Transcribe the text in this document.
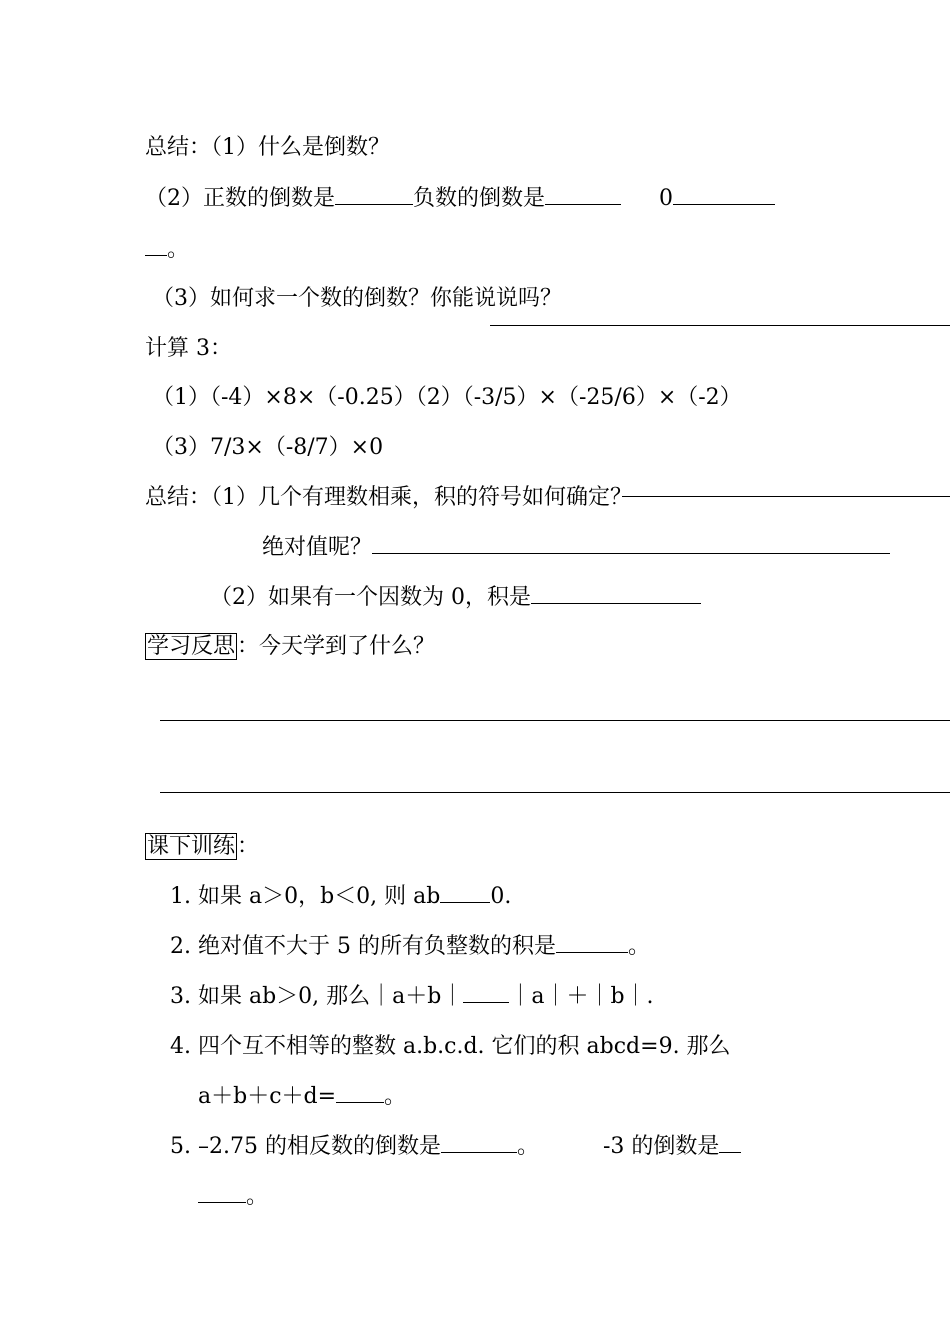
总结：（1）什么是倒数？
（2）正数的倒数是	负数的倒数是	0
。
（3）如何求一个数的倒数？你能说说吗？
计算 3：
（1）（-4）×8×（-0.25）（2）（-3/5）×（-25/6）×（-2）
（3）7/3×（-8/7）×0
总结：（1）几个有理数相乘，积的符号如何确定？
绝对值呢？
（2）如果有一个因数为 0，积是
学习反思：今天学到了什么？
课下训练：
1. 如果 a＞0，b＜0, 则 ab 0.
2. 绝对值不大于 5 的所有负整数的积是	。
3. 如果 ab＞0, 那么｜a＋b｜ ｜a｜＋｜b｜.
4. 四个互不相等的整数 a.b.c.d. 它们的积 abcd=9. 那么
a＋b＋c＋d= 。
5. –2.75 的相反数的倒数是	。	-3 的倒数是
。
